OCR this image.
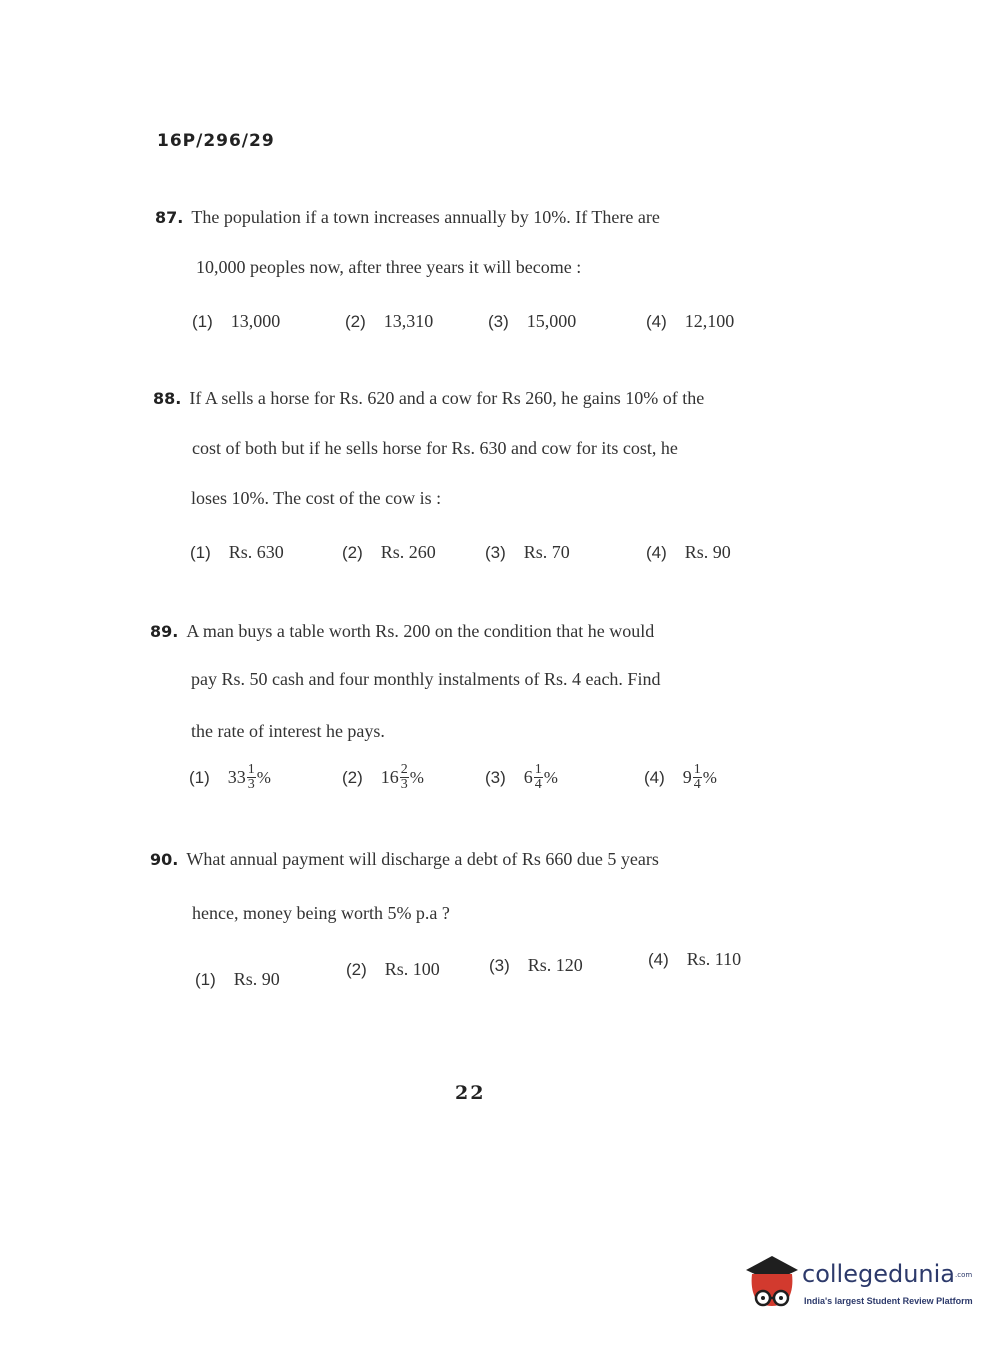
16P/296/29
87. The population if a town increases annually by 10%. If There are
10,000 peoples now, after three years it will become :
(1) 13,000	(2) 13,310	(3) 15,000	(4) 12,100
88. If A sells a horse for Rs. 620 and a cow for Rs 260, he gains 10% of the
cost of both but if he sells horse for Rs. 630 and cow for its cost, he
loses 10%. The cost of the cow is :
(1) Rs. 630	(2) Rs. 260	(3) Rs. 70	(4) Rs. 90
89. A man buys a table worth Rs. 200 on the condition that he would
pay Rs. 50 cash and four monthly instalments of Rs. 4 each. Find
the rate of interest he pays.
(1) $33 \frac{1}{3}$ %	(2) $16 \frac{2}{3}$ %	(3) $6 \frac{1}{4}$ %	(4) $9 \frac{1}{4}$ %
90. What annual payment will discharge a debt of Rs 660 due 5 years
hence, money being worth 5% p.a ?
(1) Rs. 90	(2) Rs. 100	(3) Rs. 120	(4) Rs. 110
22
collegedunia.com
India's largest Student Review Platform
